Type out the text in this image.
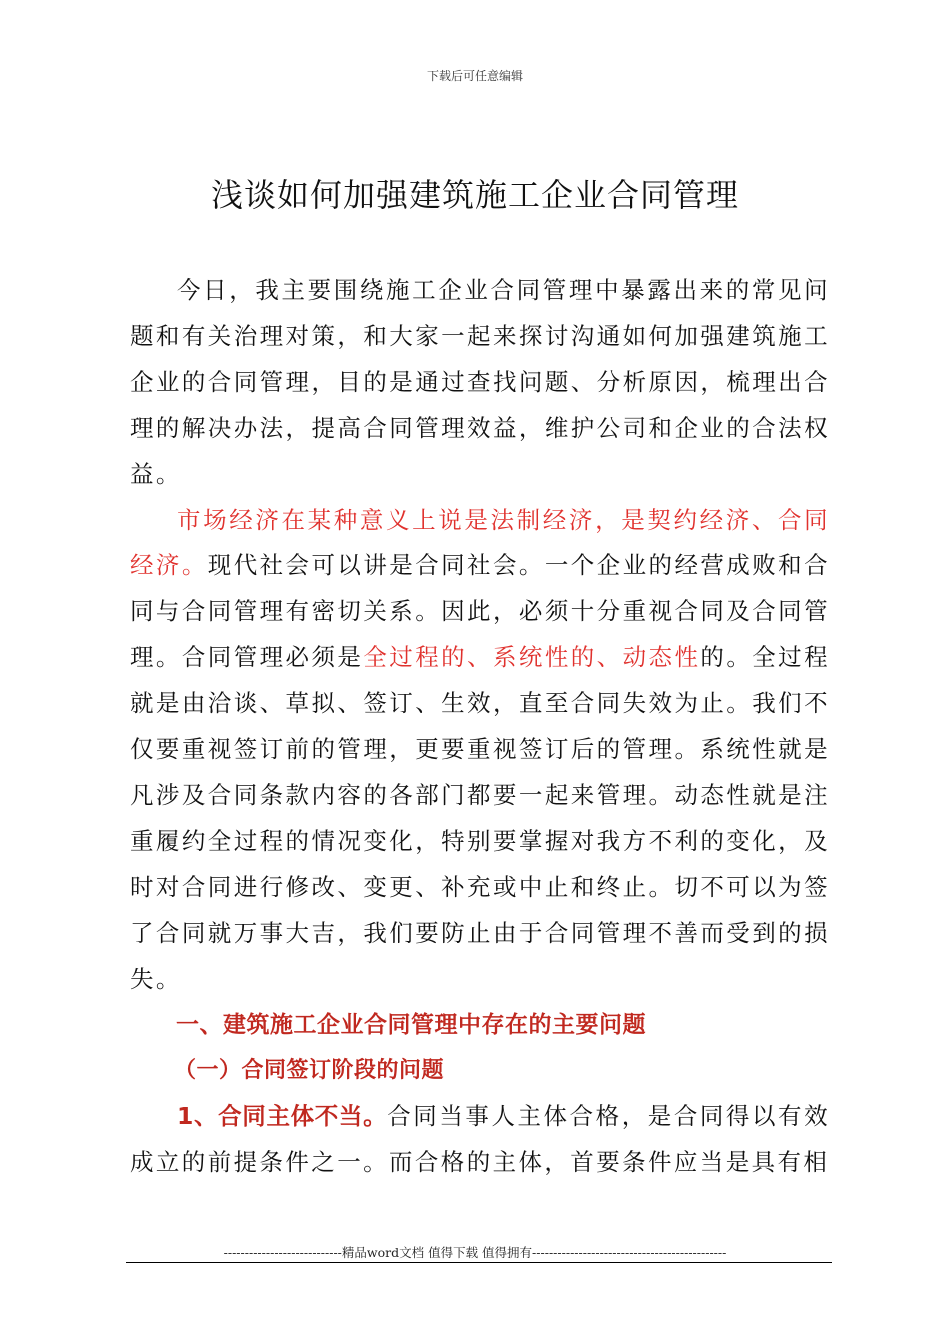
下载后可任意编辑
浅谈如何加强建筑施工企业合同管理

今日，我主要围绕施工企业合同管理中暴露出来的常见问题和有关治理对策，和大家一起来探讨沟通如何加强建筑施工企业的合同管理，目的是通过查找问题、分析原因，梳理出合理的解决办法，提高合同管理效益，维护公司和企业的合法权益。

市场经济在某种意义上说是法制经济，是契约经济、合同经济。现代社会可以讲是合同社会。一个企业的经营成败和合同与合同管理有密切关系。因此，必须十分重视合同及合同管理。合同管理必须是全过程的、系统性的、动态性的。全过程就是由洽谈、草拟、签订、生效，直至合同失效为止。我们不仅要重视签订前的管理，更要重视签订后的管理。系统性就是凡涉及合同条款内容的各部门都要一起来管理。动态性就是注重履约全过程的情况变化，特别要掌握对我方不利的变化，及时对合同进行修改、变更、补充或中止和终止。切不可以为签了合同就万事大吉，我们要防止由于合同管理不善而受到的损失。

一、建筑施工企业合同管理中存在的主要问题

（一）合同签订阶段的问题

1、合同主体不当。合同当事人主体合格，是合同得以有效成立的前提条件之一。而合格的主体，首要条件应当是具有相

----------------------------精品word文档 值得下载 值得拥有----------------------------------------------
